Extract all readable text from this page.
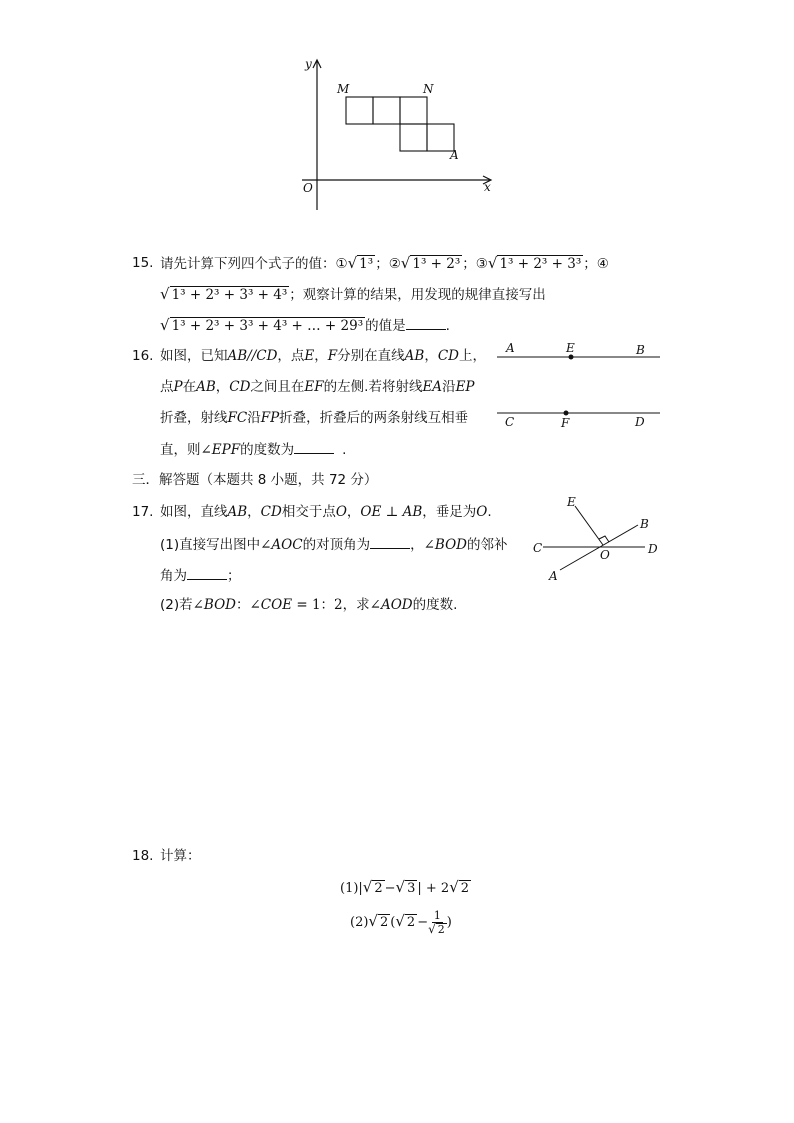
y
x
O
M	N
A
15. 请先计算下列四个式子的值：①√ 1³ ；②√ 1³ + 2³ ；③√ 1³ + 2³ + 3³ ；④
√ 1³ + 2³ + 3³ + 4³ ；观察计算的结果，用发现的规律直接写出
√ 1³ + 2³ + 3³ + 4³ + … + 29³ 的值是	.
16. 如图，已知AB//CD，点E，F分别在直线AB，CD上，
点P在AB，CD之间且在EF的左侧.若将射线EA沿EP
折叠，射线FC沿FP折叠，折叠后的两条射线互相垂
直，则∠EPF的度数为	.
A	E	B
C	F	D
三．解答题（本题共 8 小题，共 72 分）
17. 如图，直线AB，CD相交于点O，OE ⊥ AB，垂足为O.
(1)直接写出图中∠AOC的对顶角为	，∠BOD的邻补
角为	；
(2)若∠BOD：∠COE = 1：2，求∠AOD的度数.
E
B
C	O	D
A
18. 计算：
(1)|√ 2 −√ 3 | + 2√ 2
(2)√ 2 (√ $2 - \frac{1}{√ 2}$ )
